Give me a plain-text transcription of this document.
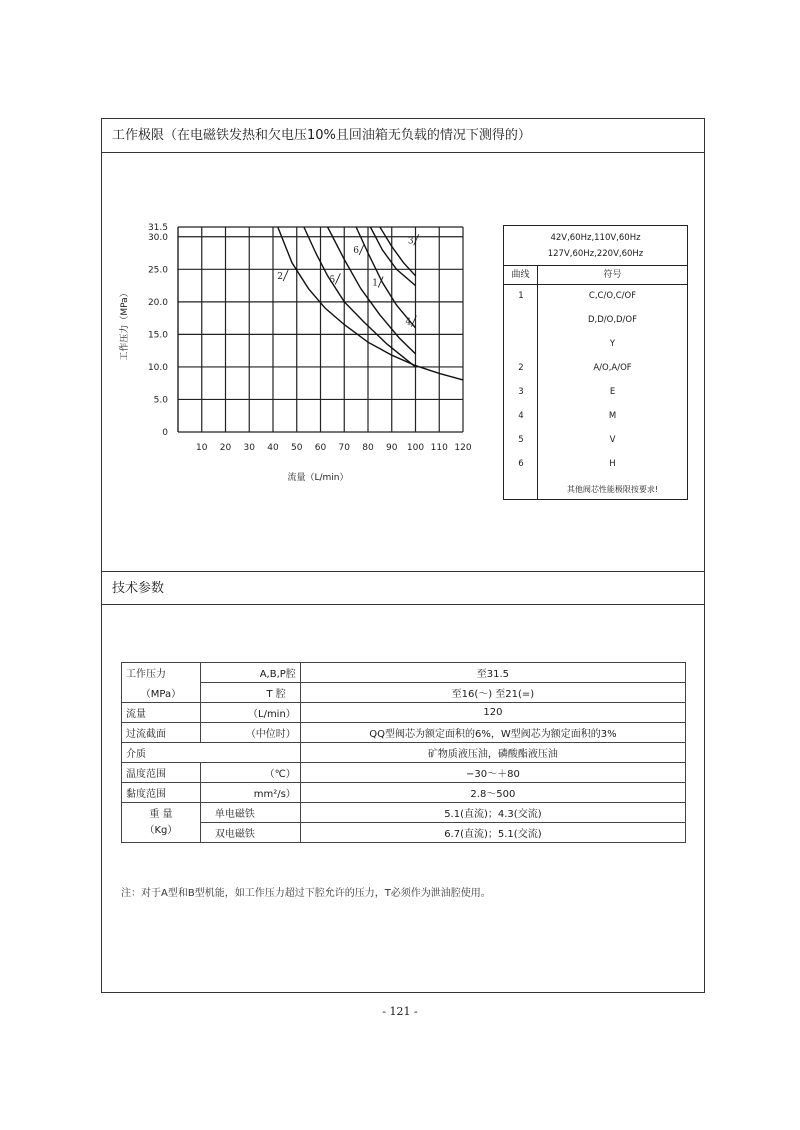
工作极限（在电磁铁发热和欠电压10%且回油箱无负载的情况下测得的）
技术参数
10 20 30 40 50 60 70 80 90 100 110 120
31.5
30.0
25.0
20.0
15.0
10.0
5.0
0
工作压力（MPa）
流量（L/min）
2	5	1
4
6
3	42V,60Hz,110V,60Hz
127V,60Hz,220V,60Hz
曲线	符号
1	C,C/O,C/OF
D,D/O,D/OF
Y
2	A/O,A/OF
3	E
4	M
5	V
6	H
其他阀芯性能极限按要求!
工作压力	A,B,P腔	至31.5
（MPa）	T 腔	至16(～) 至21(=)
流量	（L/min）	120
过流截面	（中位时）	QQ型阀芯为额定面积的6%，W型阀芯为额定面积的3%
介质		矿物质液压油，磷酸酯液压油
温度范围	（℃）	−30～＋80
黏度范围	mm²/s）	2.8～500

重 量
（Kg）	单电磁铁	5.1(直流)；4.3(交流)
	双电磁铁	6.7(直流)；5.1(交流)
注：对于A型和B型机能，如工作压力超过下腔允许的压力，T必须作为泄油腔使用。
- 121 -
